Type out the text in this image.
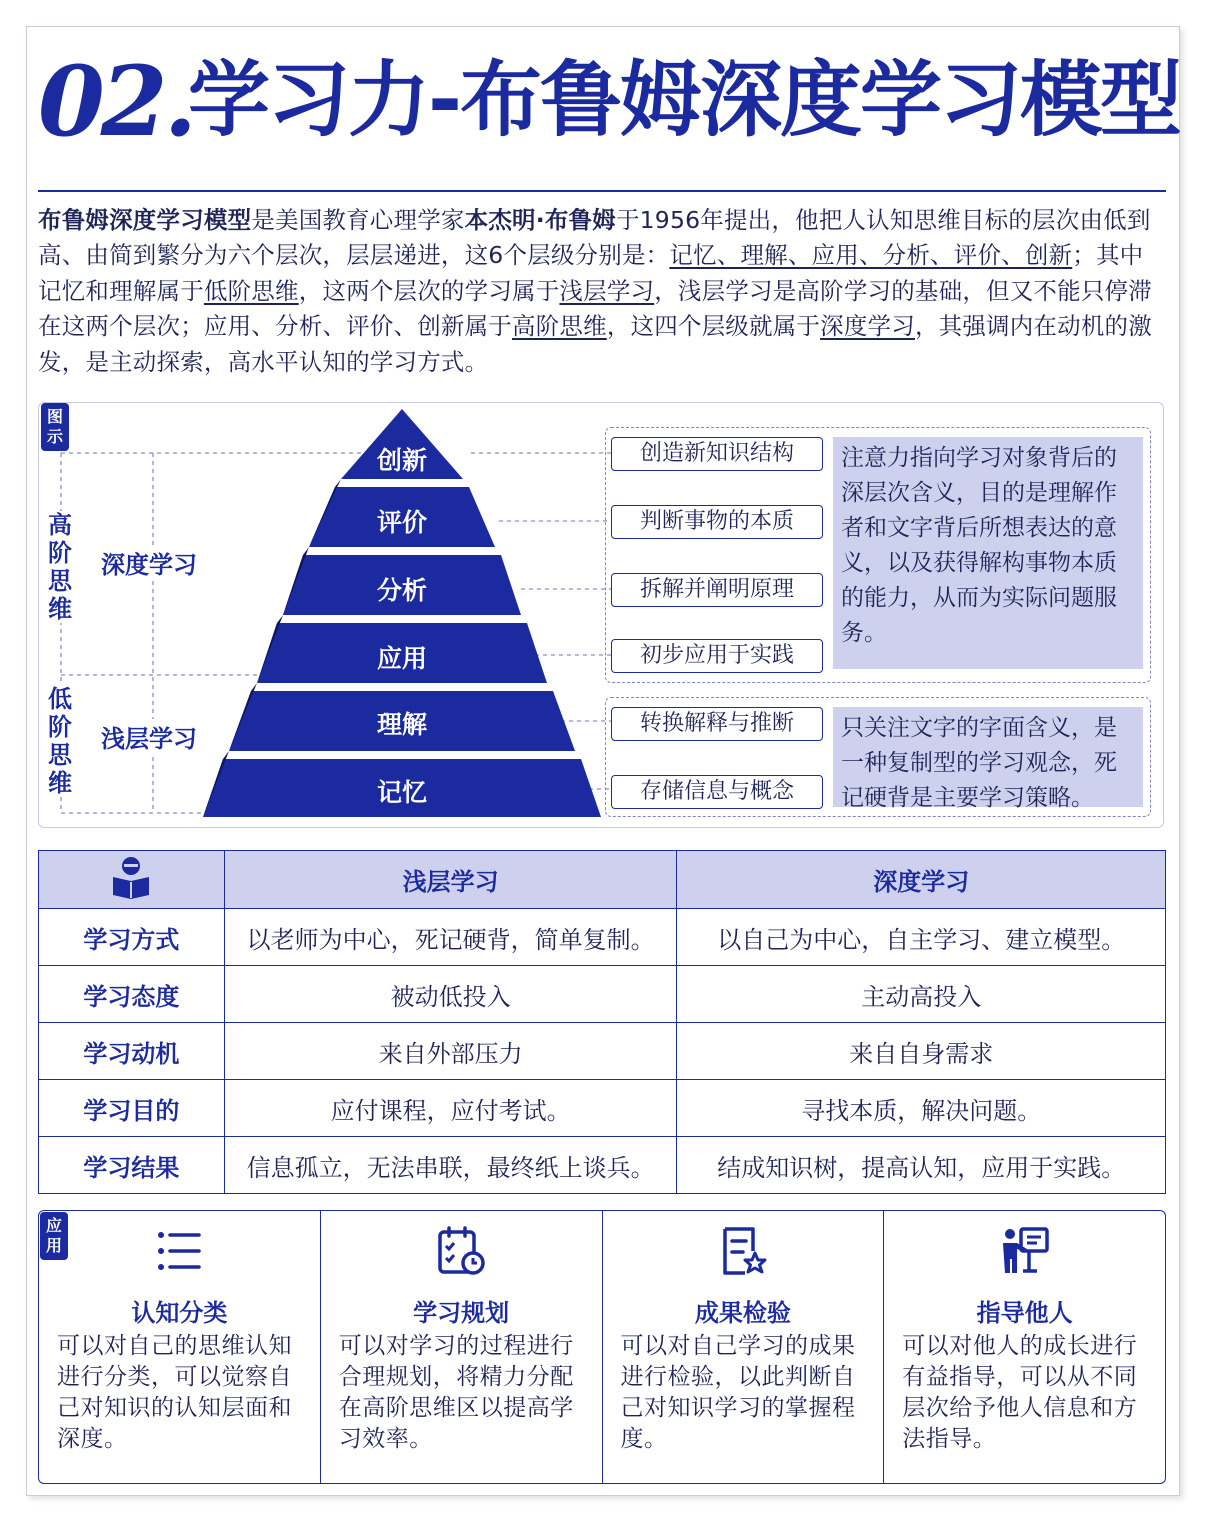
02.
学习力-布鲁姆深度学习模型
布鲁姆深度学习模型是美国教育心理学家本杰明·布鲁姆于1956年提出，他把人认知思维目标的层次由低到高、由简到繁分为六个层次，层层递进，这6个层级分别是：记忆、理解、应用、分析、评价、创新；其中记忆和理解属于低阶思维，这两个层次的学习属于浅层学习，浅层学习是高阶学习的基础，但又不能只停滞在这两个层次；应用、分析、评价、创新属于高阶思维，这四个层级就属于深度学习，其强调内在动机的激发，是主动探索，高水平认知的学习方式。
图示
高阶思维
低阶思维
深度学习
浅层学习
创新
评价
分析
应用
理解
记忆
创造新知识结构
判断事物的本质
拆解并阐明原理
初步应用于实践
转换解释与推断
存储信息与概念
注意力指向学习对象背后的深层次含义，目的是理解作者和文字背后所想表达的意义，以及获得解构事物本质的能力，从而为实际问题服务。
只关注文字的字面含义，是一种复制型的学习观念，死记硬背是主要学习策略。
	浅层学习	深度学习
学习方式	以老师为中心，死记硬背，简单复制。	以自己为中心，自主学习、建立模型。
学习态度	被动低投入	主动高投入
学习动机	来自外部压力	来自自身需求
学习目的	应付课程，应付考试。	寻找本质，解决问题。
学习结果	信息孤立，无法串联，最终纸上谈兵。	结成知识树，提高认知，应用于实践。
认知分类
可以对自己的思维认知进行分类，可以觉察自己对知识的认知层面和深度。
学习规划
可以对学习的过程进行合理规划，将精力分配在高阶思维区以提高学习效率。
成果检验
可以对自己学习的成果进行检验，以此判断自己对知识学习的掌握程度。
指导他人
可以对他人的成长进行有益指导，可以从不同层次给予他人信息和方法指导。
应用
